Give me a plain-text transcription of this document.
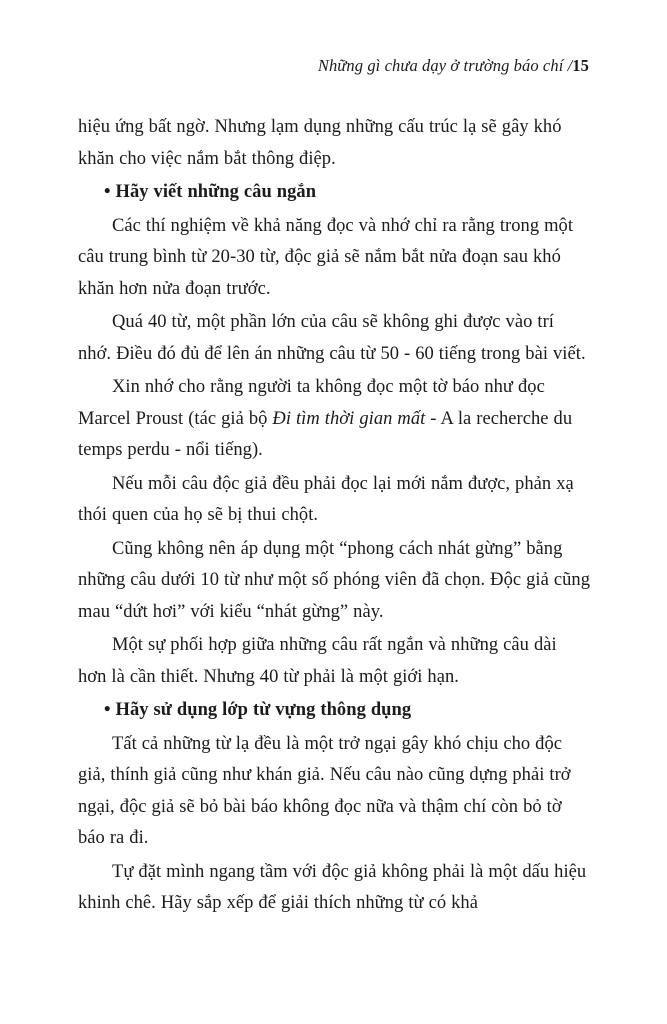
Những gì chưa dạy ở trường báo chí /15

hiệu ứng bất ngờ. Nhưng lạm dụng những cấu trúc lạ sẽ gây khó khăn cho việc nắm bắt thông điệp.

• Hãy viết những câu ngắn

Các thí nghiệm về khả năng đọc và nhớ chỉ ra rằng trong một câu trung bình từ 20-30 từ, độc giả sẽ nắm bắt nửa đoạn sau khó khăn hơn nửa đoạn trước.

Quá 40 từ, một phần lớn của câu sẽ không ghi được vào trí nhớ. Điều đó đủ để lên án những câu từ 50 - 60 tiếng trong bài viết.

Xin nhớ cho rằng người ta không đọc một tờ báo như đọc Marcel Proust (tác giả bộ Đi tìm thời gian mất - A la recherche du temps perdu - nổi tiếng).

Nếu mỗi câu độc giả đều phải đọc lại mới nắm được, phản xạ thói quen của họ sẽ bị thui chột.

Cũng không nên áp dụng một “phong cách nhát gừng” bằng những câu dưới 10 từ như một số phóng viên đã chọn. Độc giả cũng mau “dứt hơi” với kiểu “nhát gừng” này.

Một sự phối hợp giữa những câu rất ngắn và những câu dài hơn là cần thiết. Nhưng 40 từ phải là một giới hạn.

• Hãy sử dụng lớp từ vựng thông dụng

Tất cả những từ lạ đều là một trở ngại gây khó chịu cho độc giả, thính giả cũng như khán giả. Nếu câu nào cũng dựng phải trở ngại, độc giả sẽ bỏ bài báo không đọc nữa và thậm chí còn bỏ tờ báo ra đi.

Tự đặt mình ngang tầm với độc giả không phải là một dấu hiệu khinh chê. Hãy sắp xếp để giải thích những từ có khả
